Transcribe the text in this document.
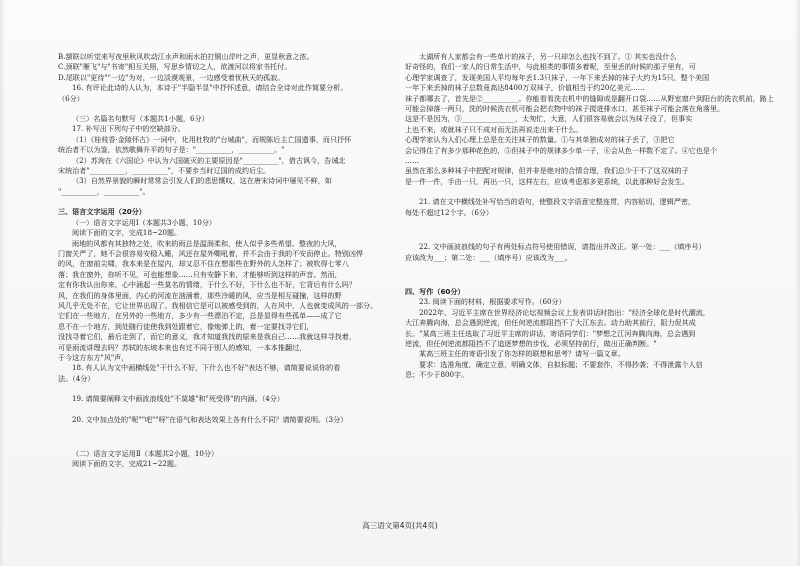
B.颔联以听觉来写夜里秋风吹动江水声和雨水拍打铜山岸叶之声，更显秋意之浓。
C.颈联"雁飞"与"书寄"相互关照，写思乡情切之人，欲渡河以将家书托付。
D.尾联以"更待""一边"为对，一边淡漠观景，一边感受着忧秋天的孤寂。
16. 有评论此诗的人认为，本诗于"半隐半显"中抒怀述意，请结合全诗对此作简要分析。
（6分）
（三）名篇名句默写（本题共1小题，6分）
17. 补写出下列句子中的空缺部分。
（1）《桂枝香·金陵怀古》一词中，化用杜牧的"台城曲"，而规陈后主亡国遗事，而只抒怀
统治者不以为鉴，依然歌舞升平的句子是："__________，__________。"
（2）苏洵在《六国论》中认为六国破灭的主要原因是"__________"，借古讽今，告诫北
宋统治者"__________，__________"，不要步当时辽国的成约后尘。
（3）自然界景貌的瞬时常常会引发人们的悲思慨叹，这在唐宋诗词中屡见不鲜，如
"__________，__________"。
三、语言文字运用（20分）
（一）语言文字运用Ⅰ（本题共3小题，10分）
阅读下面的文字，完成18~20题。
雨地的风都有其独特之处，吹来的雨总是温润柔和，使人似乎多些希望。整夜的大风，
门窗关严了，她不会很容易安稳入睡，风还在屋外嘶吼着，并不会由于我的不安而停止。特别凶悍
的风，在窗前尖啸，我本来是在屋内，却又忍不住在想那些在野外的人怎样了；被吹得七零八
落；我在窗外，你听不见，可也能想象……只有安静下来，才能够听到这样的声音。然而，
定有你我认出你来，心中涌起一些莫名的情绪，于什么不好，下什么也不好，它背后有什么吗？
风，在我们的身体里面，内心的河流在汹涌着，那些冷暖的风，应当是相互碰撞，这样的野
风几乎无处不在，它让世界出现了。我相信它是可以被感受到的，人在风中，人也就变成风的一部分。
它们在一些地方，在另外的一些地方，多少有一些漂泊不定，总是显得有些孤单——成了它
息不在一个地方，到处随行徒使我到处跟着它，像炮弹上的，着一定要找寻它们，
没找寻着它们，最后走到了，而它的意义，我才知道我找的原来是我自己……我就这样寻找着，
可是雨流讲理去吗？苏轼的东坡本来也有过不同于别人的感知，一本本推翻过，
于今这方东方"风"声，
18. 有人认为文中画横线处"干什么不好，下什么也不好"表达不够，请简要说说你的看
法。（4分）
19. 请简要阐释文中画波浪线处"不莫雄"和"死受得"的内涵。（4分）
20. 文中加点处的"呢""吧""呀"在语气和表达效果上各有什么不同？请简要说明。（3分）
（二）语言文字运用Ⅱ（本题共2小题，10分）
阅读下面的文字，完成21~22题。
太湖所有人家都会有一些单片的袜子，另一只却怎么也找不到了。① 其实也没什么
好奇怪的，我们一家人的日常生活中，与此相类的事情多着呢，至里丢的时候的那子里有，可
心理学家调查了，发现美国人平均每年丢1.3只袜子，一年下来丢掉的袜子大约为15只，整个美国
一年下来丢掉的袜子总数竟高达8400万双袜子，价值相当于约20亿美元……
袜子都哪去了，首先是②__________。你能看看洗衣机中的缝隙或是翻开口袋……从野室窗户到阳台的洗衣机前，路上
可能会掉落一两只，洗的时候洗衣机可能会把衣物中的袜子搅进排水口，甚至袜子可能会落在角落里。
这是不是因为，③_______________，太匆忙，大意，人们很容易就会以为袜子没了，但事实
上也不来，或就袜子只不成对而无法再说走出来干什么。
心理学家认为人们心理上总是在关注袜子的数量。①与其单独成对的袜子丢了，③把它
会记得住了有多少那种花色的，⑤但袜子中的规律多少单一子，⑥会从色一样数不定了。④它也是个
……
虽然在那么多种袜子中把配对规律，但并非是绝对的合情合理，我们总少于不了这双袜的子
是一件一件，手由一只，再出一只，这样左右，应该考虑那多更系统，以此那种好会发生。
21. 请在文中横线处补写恰当的语句，使整段文字语意完整连贯，内容贴切，逻辑严密，
每处不超过12个字。（6分）
22. 文中画波浪线的句子有两处标点符号使用错误，请指出并改正。第一处：___（填序号）
应该改为___；第二处：___（填序号）应该改为___。
四、写作（60分）
23. 阅读下面的材料，根据要求写作。（60分）
2022年，习近平主席在世界经济论坛视频会议上发表讲话时指出："经济全球化是时代潮流，
大江奔腾向海，总会遇到逆流，但任何逆流都阻挡不了大江东去。动力助其前行，阻力促其成
长。"某高三班主任选取了习近平主席的讲话，寄语同学们："梦想之江河奔腾向海，总会遇到
逆流，但任何逆流都阻挡不了追逐梦想的步伐，必须坚持前行，做出正确判断。"
某高三班主任的寄语引发了你怎样的联想和思考？请写一篇文章。
要求：选准角度，确定立意，明确文体，自拟标题；不要套作，不得抄袭；不得泄露个人信
息；不少于800字。
高三语文第4页(共4页)
